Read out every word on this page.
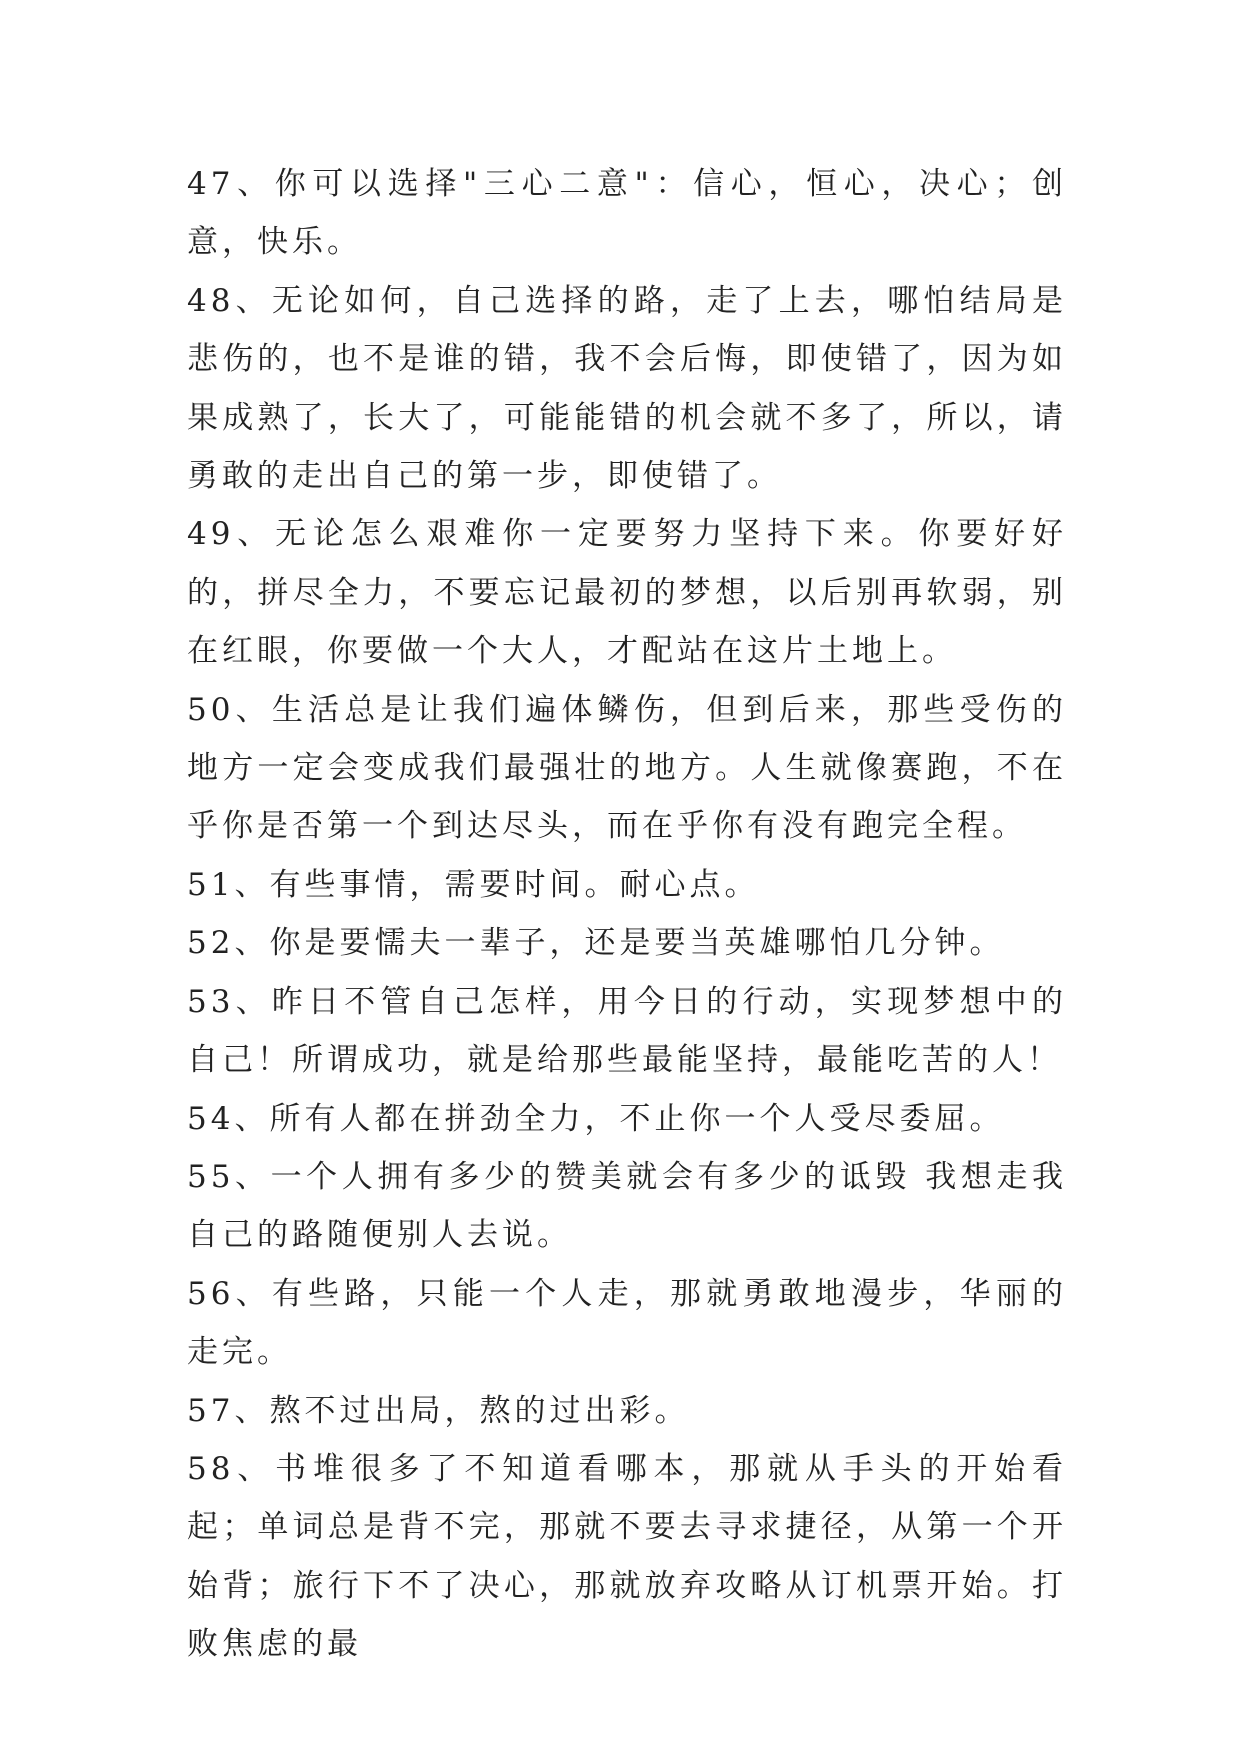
47、你可以选择"三心二意"：信心，恒心，决心；创意，快乐。

48、无论如何，自己选择的路，走了上去，哪怕结局是悲伤的，也不是谁的错，我不会后悔，即使错了，因为如果成熟了，长大了，可能能错的机会就不多了，所以，请勇敢的走出自己的第一步，即使错了。

49、无论怎么艰难你一定要努力坚持下来。你要好好的，拼尽全力，不要忘记最初的梦想，以后别再软弱，别在红眼，你要做一个大人，才配站在这片土地上。

50、生活总是让我们遍体鳞伤，但到后来，那些受伤的地方一定会变成我们最强壮的地方。人生就像赛跑，不在乎你是否第一个到达尽头，而在乎你有没有跑完全程。

51、有些事情，需要时间。耐心点。

52、你是要懦夫一辈子，还是要当英雄哪怕几分钟。

53、昨日不管自己怎样，用今日的行动，实现梦想中的自己！所谓成功，就是给那些最能坚持，最能吃苦的人！

54、所有人都在拼劲全力，不止你一个人受尽委屈。

55、一个人拥有多少的赞美就会有多少的诋毁 我想走我自己的路随便别人去说。

56、有些路，只能一个人走，那就勇敢地漫步，华丽的走完。

57、熬不过出局，熬的过出彩。

58、书堆很多了不知道看哪本，那就从手头的开始看起；单词总是背不完，那就不要去寻求捷径，从第一个开始背；旅行下不了决心，那就放弃攻略从订机票开始。打败焦虑的最
